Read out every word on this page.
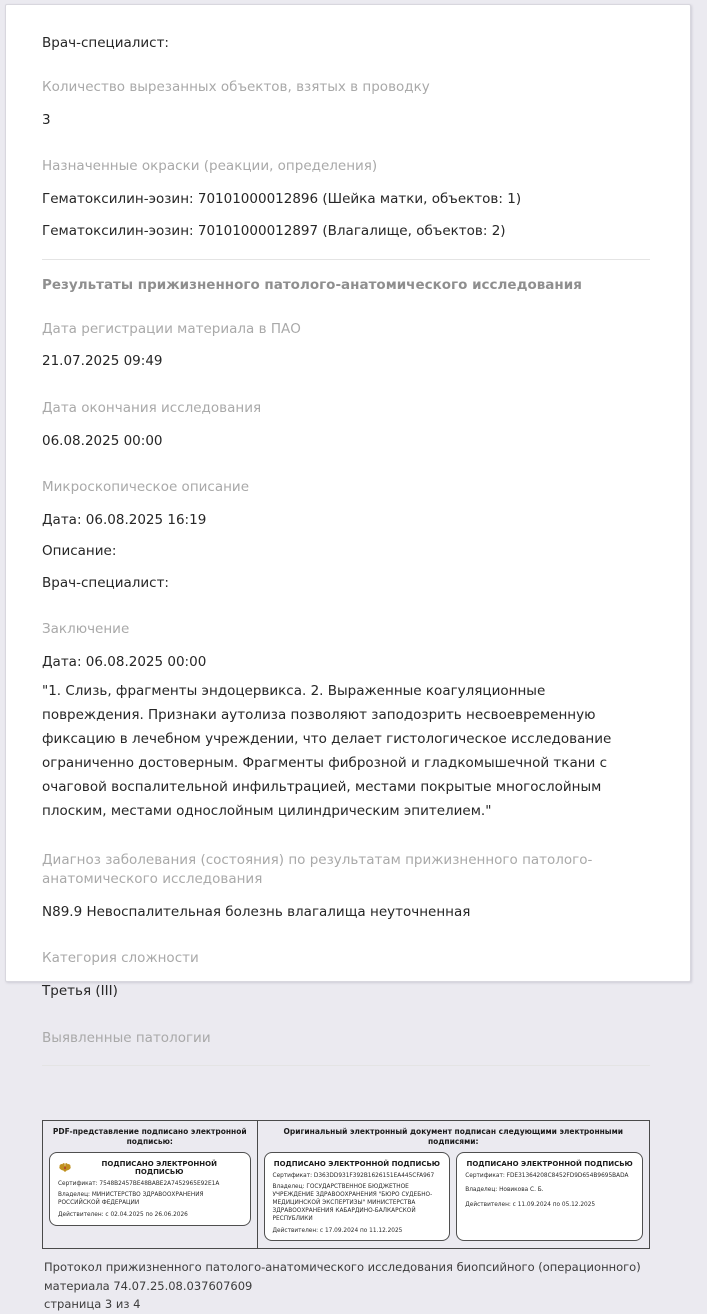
Врач-специалист:

Количество вырезанных объектов, взятых в проводку

3

Назначенные окраски (реакции, определения)

Гематоксилин-эозин: 70101000012896 (Шейка матки, объектов: 1)

Гематоксилин-эозин: 70101000012897 (Влагалище, объектов: 2)

Результаты прижизненного патолого-анатомического исследования

Дата регистрации материала в ПАО

21.07.2025 09:49

Дата окончания исследования

06.08.2025 00:00

Микроскопическое описание

Дата: 06.08.2025 16:19

Описание:

Врач-специалист:

Заключение

Дата: 06.08.2025 00:00

"1. Слизь, фрагменты эндоцервикса. 2. Выраженные коагуляционные повреждения. Признаки аутолиза позволяют заподозрить несвоевременную фиксацию в лечебном учреждении, что делает гистологическое исследование ограниченно достоверным. Фрагменты фиброзной и гладкомышечной ткани с очаговой воспалительной инфильтрацией, местами покрытые многослойным плоским, местами однослойным цилиндрическим эпителием."

Диагноз заболевания (состояния) по результатам прижизненного патолого-анатомического исследования

N89.9 Невоспалительная болезнь влагалища неуточненная

Категория сложности

Третья (III)

Выявленные патологии

PDF-представление подписано электронной подписью:
ПОДПИСАНО ЭЛЕКТРОННОЙ ПОДПИСЬЮ

Сертификат: 7548B2457BE48BABE2A7452965E92E1A

Владелец: МИНИСТЕРСТВО ЗДРАВООХРАНЕНИЯ РОССИЙСКОЙ ФЕДЕРАЦИИ

Действителен: с 02.04.2025 по 26.06.2026

Оригинальный электронный документ подписан следующими электронными подписями:
ПОДПИСАНО ЭЛЕКТРОННОЙ ПОДПИСЬЮ

Сертификат: D363DD931F392B1626151EA445CFA967

Владелец: ГОСУДАРСТВЕННОЕ БЮДЖЕТНОЕ УЧРЕЖДЕНИЕ ЗДРАВООХРАНЕНИЯ "БЮРО СУДЕБНО-МЕДИЦИНСКОЙ ЭКСПЕРТИЗЫ" МИНИСТЕРСТВА ЗДРАВООХРАНЕНИЯ КАБАРДИНО-БАЛКАРСКОЙ РЕСПУБЛИКИ

Действителен: с 17.09.2024 по 11.12.2025

ПОДПИСАНО ЭЛЕКТРОННОЙ ПОДПИСЬЮ

Сертификат: FDE31364208C8452FD9D654B9695BADA

Владелец: Новикова С. Б.

Действителен: с 11.09.2024 по 05.12.2025

Протокол прижизненного патолого-анатомического исследования биопсийного (операционного) материала 74.07.25.08.037607609
страница 3 из 4
